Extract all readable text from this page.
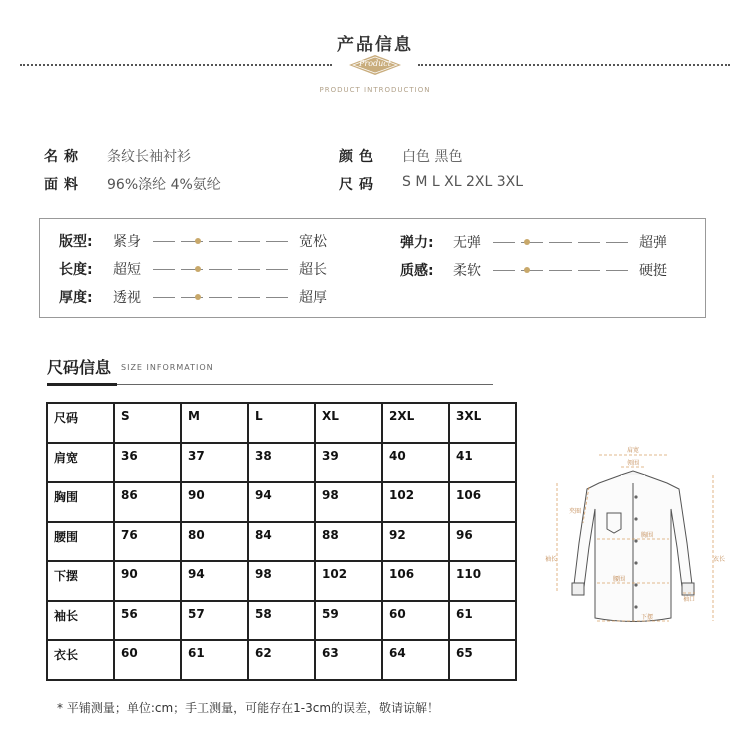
产品信息
Product
PRODUCT INTRODUCTION
名称 条纹长袖衬衫
面料 96%涤纶 4%氨纶
颜色 白色 黑色
尺码 S M L XL 2XL 3XL
版型: 紧身	宽松
长度: 超短	超长
厚度: 透视	超厚
弹力: 无弹	超弹
质感: 柔软	硬挺
尺码信息 SIZE INFORMATION
尺码	S	M	L	XL	2XL	3XL

肩宽	36	37	38	39	40	41

胸围	86	90	94	98	102	106

腰围	76	80	84	88	92	96

下摆	90	94	98	102	106	110

袖长	56	57	58	59	60	61

衣长	60	61	62	63	64	65
肩宽
领围
夹圈
胸围
袖长	衣长
腰围
下摆
袖口
* 平铺测量；单位:cm；手工测量，可能存在1-3cm的误差，敬请谅解！
